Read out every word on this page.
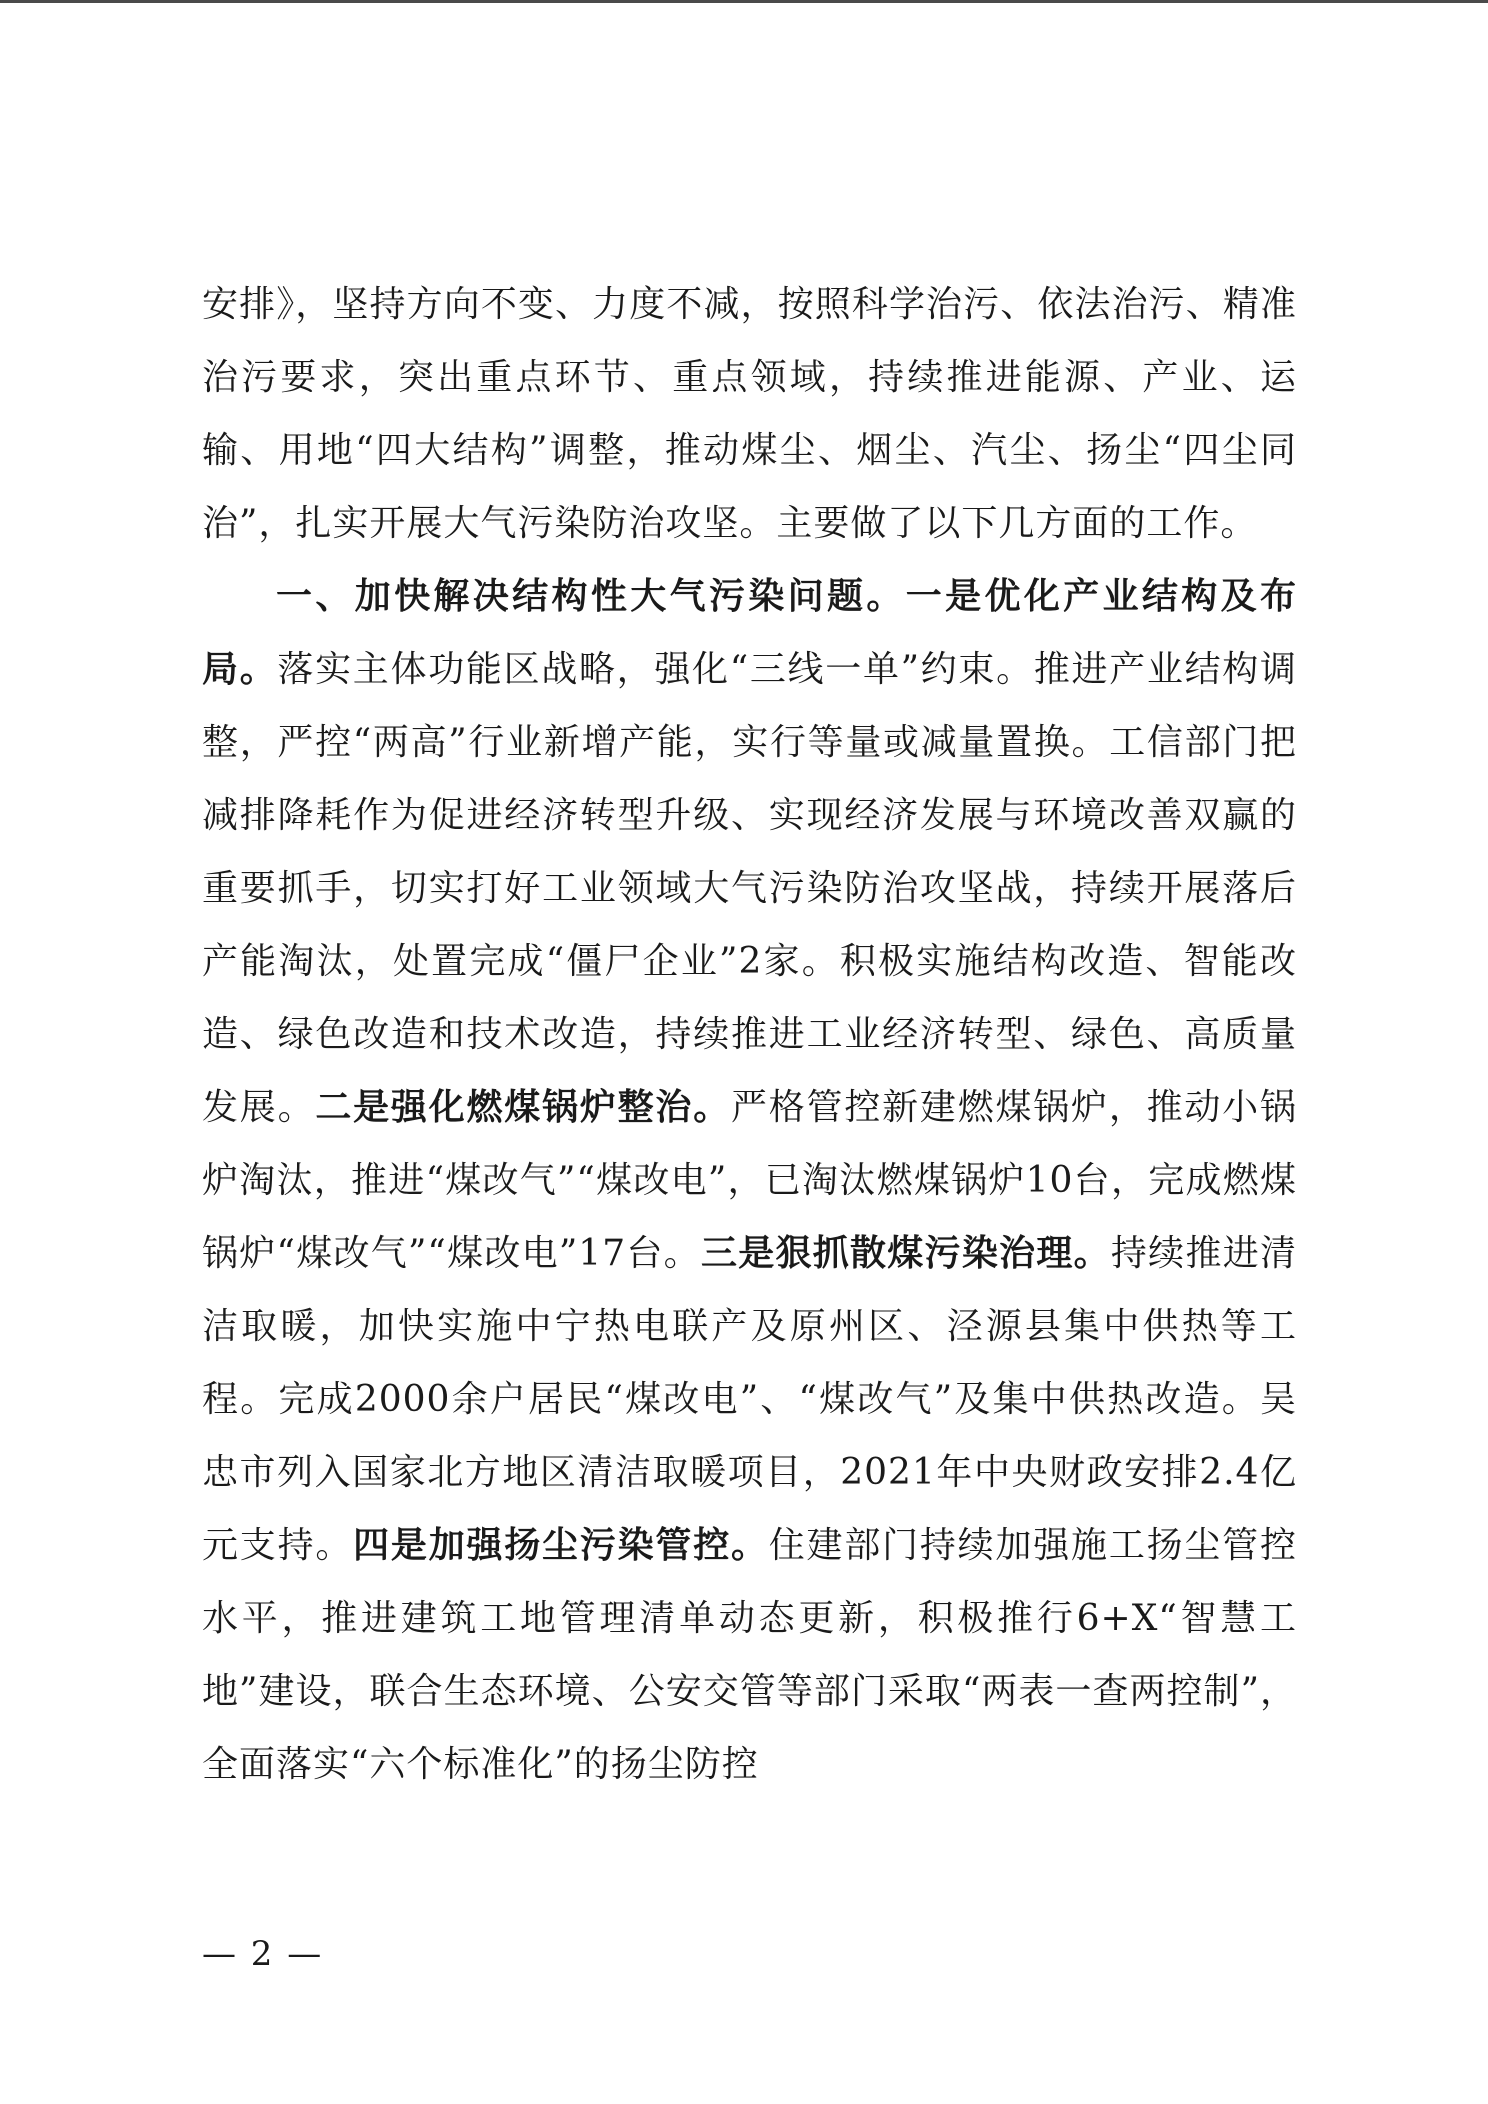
安排》，坚持方向不变、力度不减，按照科学治污、依法治污、精准治污要求，突出重点环节、重点领域，持续推进能源、产业、运输、用地“四大结构”调整，推动煤尘、烟尘、汽尘、扬尘“四尘同治”，扎实开展大气污染防治攻坚。主要做了以下几方面的工作。

一、加快解决结构性大气污染问题。一是优化产业结构及布局。落实主体功能区战略，强化“三线一单”约束。推进产业结构调整，严控“两高”行业新增产能，实行等量或减量置换。工信部门把减排降耗作为促进经济转型升级、实现经济发展与环境改善双赢的重要抓手，切实打好工业领域大气污染防治攻坚战，持续开展落后产能淘汰，处置完成“僵尸企业”2家。积极实施结构改造、智能改造、绿色改造和技术改造，持续推进工业经济转型、绿色、高质量发展。二是强化燃煤锅炉整治。严格管控新建燃煤锅炉，推动小锅炉淘汰，推进“煤改气”“煤改电”，已淘汰燃煤锅炉10台，完成燃煤锅炉“煤改气”“煤改电”17台。三是狠抓散煤污染治理。持续推进清洁取暖，加快实施中宁热电联产及原州区、泾源县集中供热等工程。完成2000余户居民“煤改电”、“煤改气”及集中供热改造。吴忠市列入国家北方地区清洁取暖项目，2021年中央财政安排2.4亿元支持。四是加强扬尘污染管控。住建部门持续加强施工扬尘管控水平，推进建筑工地管理清单动态更新，积极推行6+X“智慧工地”建设，联合生态环境、公安交管等部门采取“两表一查两控制”，全面落实“六个标准化”的扬尘防控

— 2 —
